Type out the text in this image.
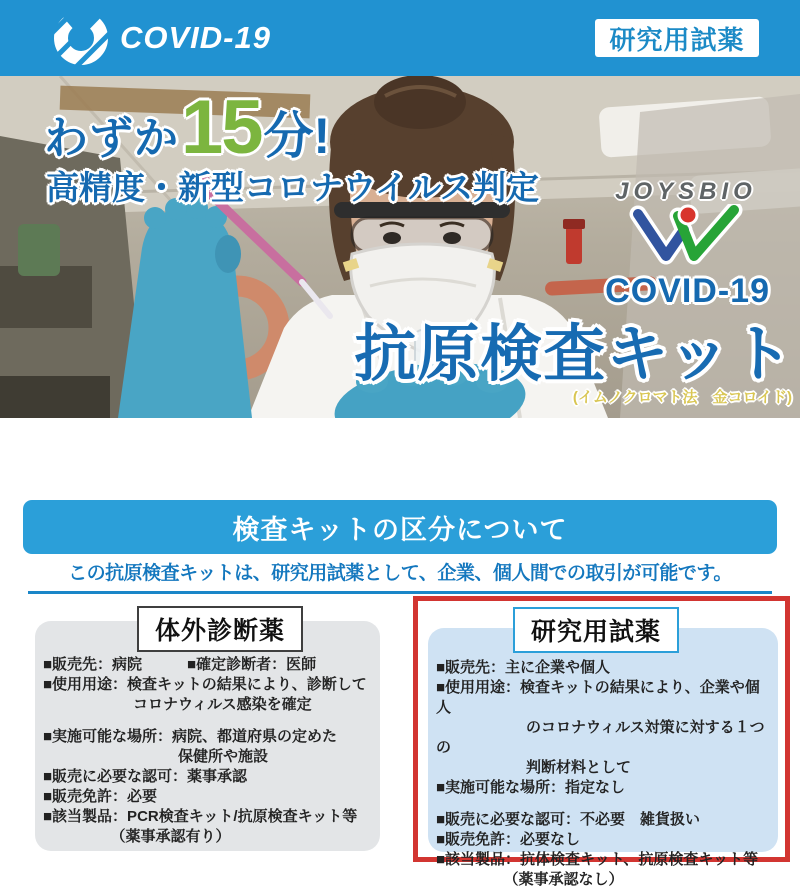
COVID-19	研究用試薬
わずか 15 分!
高精度・新型コロナウイルス判定	JOYSBIO
COVID-19
抗原検査キット
(イムノクロマト法　金コロイド)
検査キットの区分について
この抗原検査キットは、研究用試薬として、企業、個人間での取引が可能です。
体外診断薬
■販売先：病院　　　■確定診断者：医師
■使用用途：検査キットの結果により、診断して
　　　　　　コロナウィルス感染を確定

■実施可能な場所：病院、都道府県の定めた
　　　　　　　　　保健所や施設
■販売に必要な認可：薬事承認
■販売免許：必要
■該当製品：PCR検査キット/抗原検査キット等
　　　　　（薬事承認有り）
研究用試薬
■販売先：主に企業や個人
■使用用途：検査キットの結果により、企業や個人
　　　　　　のコロナウィルス対策に対する１つの
　　　　　　判断材料として
■実施可能な場所：指定なし

■販売に必要な認可：不必要　雑貨扱い
■販売免許：必要なし
■該当製品：抗体検査キット、抗原検査キット等
　　　　　（薬事承認なし）
